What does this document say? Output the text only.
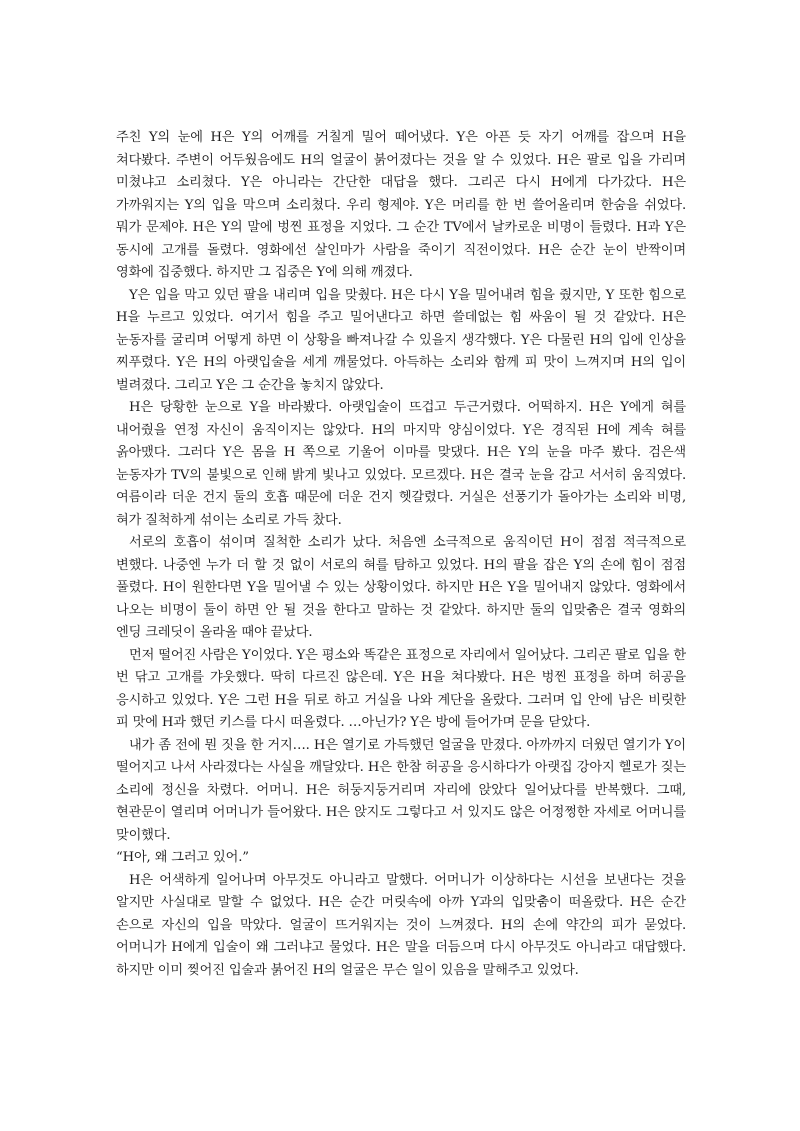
주친 Y의 눈에 H은 Y의 어깨를 거칠게 밀어 떼어냈다. Y은 아픈 듯 자기 어깨를 잡으며 H을 쳐다봤다. 주변이 어두웠음에도 H의 얼굴이 붉어졌다는 것을 알 수 있었다. H은 팔로 입을 가리며 미쳤냐고 소리쳤다. Y은 아니라는 간단한 대답을 했다. 그리곤 다시 H에게 다가갔다. H은 가까워지는 Y의 입을 막으며 소리쳤다. 우리 형제야. Y은 머리를 한 번 쓸어올리며 한숨을 쉬었다. 뭐가 문제야. H은 Y의 말에 벙찐 표정을 지었다. 그 순간 TV에서 날카로운 비명이 들렸다. H과 Y은 동시에 고개를 돌렸다. 영화에선 살인마가 사람을 죽이기 직전이었다. H은 순간 눈이 반짝이며 영화에 집중했다. 하지만 그 집중은 Y에 의해 깨졌다.

Y은 입을 막고 있던 팔을 내리며 입을 맞췄다. H은 다시 Y을 밀어내려 힘을 줬지만, Y 또한 힘으로 H을 누르고 있었다. 여기서 힘을 주고 밀어낸다고 하면 쓸데없는 힘 싸움이 될 것 같았다. H은 눈동자를 굴리며 어떻게 하면 이 상황을 빠져나갈 수 있을지 생각했다. Y은 다물린 H의 입에 인상을 찌푸렸다. Y은 H의 아랫입술을 세게 깨물었다. 아득하는 소리와 함께 피 맛이 느껴지며 H의 입이 벌려졌다. 그리고 Y은 그 순간을 놓치지 않았다.

H은 당황한 눈으로 Y을 바라봤다. 아랫입술이 뜨겁고 두근거렸다. 어떡하지. H은 Y에게 혀를 내어줬을 연정 자신이 움직이지는 않았다. H의 마지막 양심이었다. Y은 경직된 H에 계속 혀를 옭아맸다. 그러다 Y은 몸을 H 쪽으로 기울어 이마를 맞댔다. H은 Y의 눈을 마주 봤다. 검은색 눈동자가 TV의 불빛으로 인해 밝게 빛나고 있었다. 모르겠다. H은 결국 눈을 감고 서서히 움직였다. 여름이라 더운 건지 둘의 호흡 때문에 더운 건지 헷갈렸다. 거실은 선풍기가 돌아가는 소리와 비명, 혀가 질척하게 섞이는 소리로 가득 찼다.

서로의 호흡이 섞이며 질척한 소리가 났다. 처음엔 소극적으로 움직이던 H이 점점 적극적으로 변했다. 나중엔 누가 더 할 것 없이 서로의 혀를 탐하고 있었다. H의 팔을 잡은 Y의 손에 힘이 점점 풀렸다. H이 원한다면 Y을 밀어낼 수 있는 상황이었다. 하지만 H은 Y을 밀어내지 않았다. 영화에서 나오는 비명이 둘이 하면 안 될 것을 한다고 말하는 것 같았다. 하지만 둘의 입맞춤은 결국 영화의 엔딩 크레딧이 올라올 때야 끝났다.

먼저 떨어진 사람은 Y이었다. Y은 평소와 똑같은 표정으로 자리에서 일어났다. 그리곤 팔로 입을 한 번 닦고 고개를 갸웃했다. 딱히 다르진 않은데. Y은 H을 쳐다봤다. H은 벙찐 표정을 하며 허공을 응시하고 있었다. Y은 그런 H을 뒤로 하고 거실을 나와 계단을 올랐다. 그러며 입 안에 남은 비릿한 피 맛에 H과 했던 키스를 다시 떠올렸다. …아닌가? Y은 방에 들어가며 문을 닫았다.

내가 좀 전에 뭔 짓을 한 거지…. H은 열기로 가득했던 얼굴을 만졌다. 아까까지 더웠던 열기가 Y이 떨어지고 나서 사라졌다는 사실을 깨달았다. H은 한참 허공을 응시하다가 아랫집 강아지 헬로가 짖는 소리에 정신을 차렸다. 어머니. H은 허둥지둥거리며 자리에 앉았다 일어났다를 반복했다. 그때, 현관문이 열리며 어머니가 들어왔다. H은 앉지도 그렇다고 서 있지도 않은 어정쩡한 자세로 어머니를 맞이했다.

“H아, 왜 그러고 있어.”

H은 어색하게 일어나며 아무것도 아니라고 말했다. 어머니가 이상하다는 시선을 보낸다는 것을 알지만 사실대로 말할 수 없었다. H은 순간 머릿속에 아까 Y과의 입맞춤이 떠올랐다. H은 순간 손으로 자신의 입을 막았다. 얼굴이 뜨거워지는 것이 느껴졌다. H의 손에 약간의 피가 묻었다. 어머니가 H에게 입술이 왜 그러냐고 물었다. H은 말을 더듬으며 다시 아무것도 아니라고 대답했다. 하지만 이미 찢어진 입술과 붉어진 H의 얼굴은 무슨 일이 있음을 말해주고 있었다.
